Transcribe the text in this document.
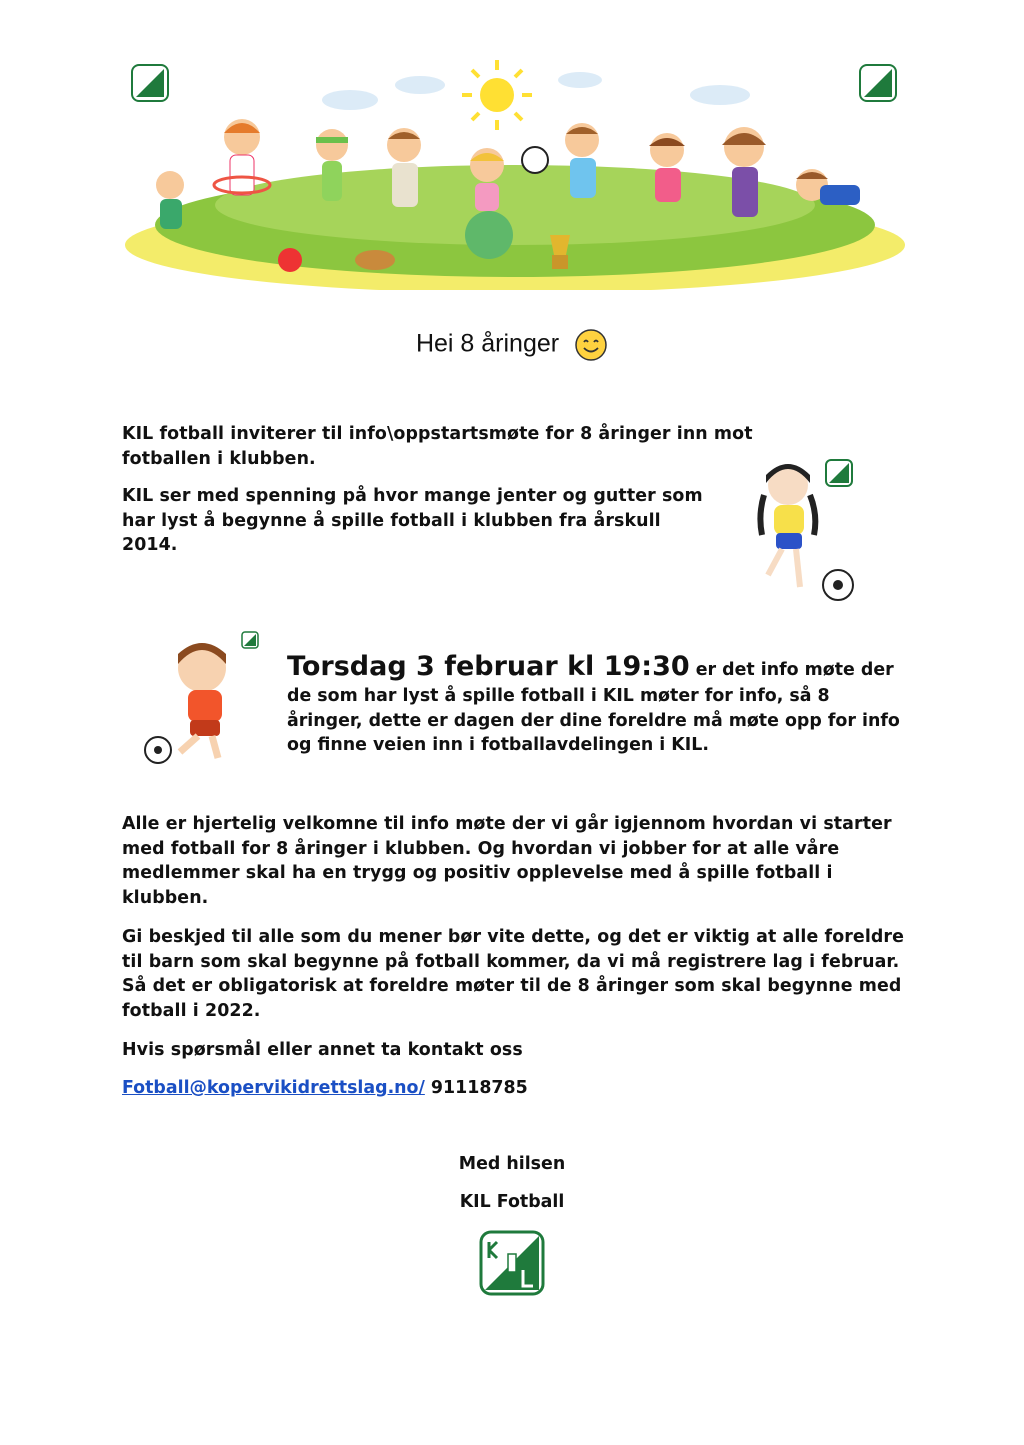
Hei 8 åringer
KIL fotball inviterer til info\oppstartsmøte for 8 åringer inn mot fotballen i klubben.
KIL ser med spenning på hvor mange jenter og gutter som har lyst å begynne å spille fotball i klubben fra årskull 2014.
Torsdag 3 februar kl 19:30 er det info møte der de som har lyst å spille fotball i KIL møter for info, så 8 åringer, dette er dagen der dine foreldre må møte opp for info og finne veien inn i fotballavdelingen i KIL.
Alle er hjertelig velkomne til info møte der vi går igjennom hvordan vi starter med fotball for 8 åringer i klubben. Og hvordan vi jobber for at alle våre medlemmer skal ha en trygg og positiv opplevelse med å spille fotball i klubben.
Gi beskjed til alle som du mener bør vite dette, og det er viktig at alle foreldre til barn som skal begynne på fotball kommer, da vi må registrere lag i februar. Så det er obligatorisk at foreldre møter til de 8 åringer som skal begynne med fotball i 2022.
Hvis spørsmål eller annet ta kontakt oss
Fotball@kopervikidrettslag.no/ 91118785
Med hilsen
KIL Fotball
